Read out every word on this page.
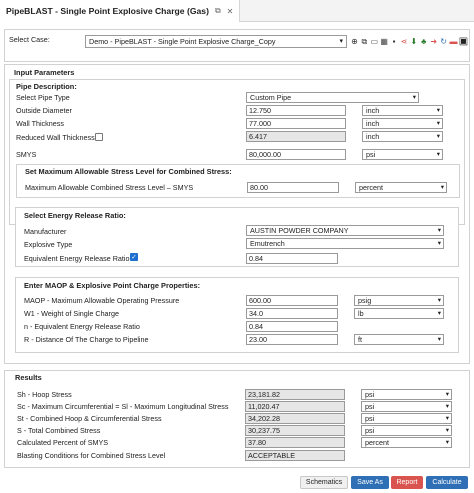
PipeBLAST - Single Point Explosive Charge (Gas) ⧉ ✕
Select Case:	Demo - PipeBLAST - Single Point Explosive Charge_Copy	▾ ⊕ ⧉ ▭ ▦ ▪ ⋖ ⬇ ♣ ➜ ↻ ▬ ▣
Input Parameters
Pipe Description:
Select Pipe Type	Custom Pipe	▾
Outside Diameter	12.750	inch	▾
Wall Thickness	77.000	inch	▾
Reduced Wall Thickness	6.417	inch	▾
SMYS	80,000.00	psi	▾
Set Maximum Allowable Stress Level for Combined Stress:
Maximum Allowable Combined Stress Level – SMYS	80.00	percent	▾
Select Energy Release Ratio:
Manufacturer	AUSTIN POWDER COMPANY	▾
Explosive Type	Emutrench	▾
Equivalent Energy Release Ratio ✓	0.84
Enter MAOP & Explosive Point Charge Properties:
MAOP - Maximum Allowable Operating Pressure	600.00	psig	▾
W1 - Weight of Single Charge	34.0	lb	▾
n - Equivalent Energy Release Ratio	0.84
R - Distance Of The Charge to Pipeline	23.00	ft	▾
Results
Sh - Hoop Stress	23,181.82	psi	▾
Sc - Maximum Circumferential = Sl - Maximum Longitudinal Stress	11,020.47	psi	▾
St - Combined Hoop & Circumferential Stress	34,202.28	psi	▾
S - Total Combined Stress	30,237.75	psi	▾
Calculated Percent of SMYS	37.80	percent	▾
Blasting Conditions for Combined Stress Level	ACCEPTABLE
Schematics	Save As	Report	Calculate
